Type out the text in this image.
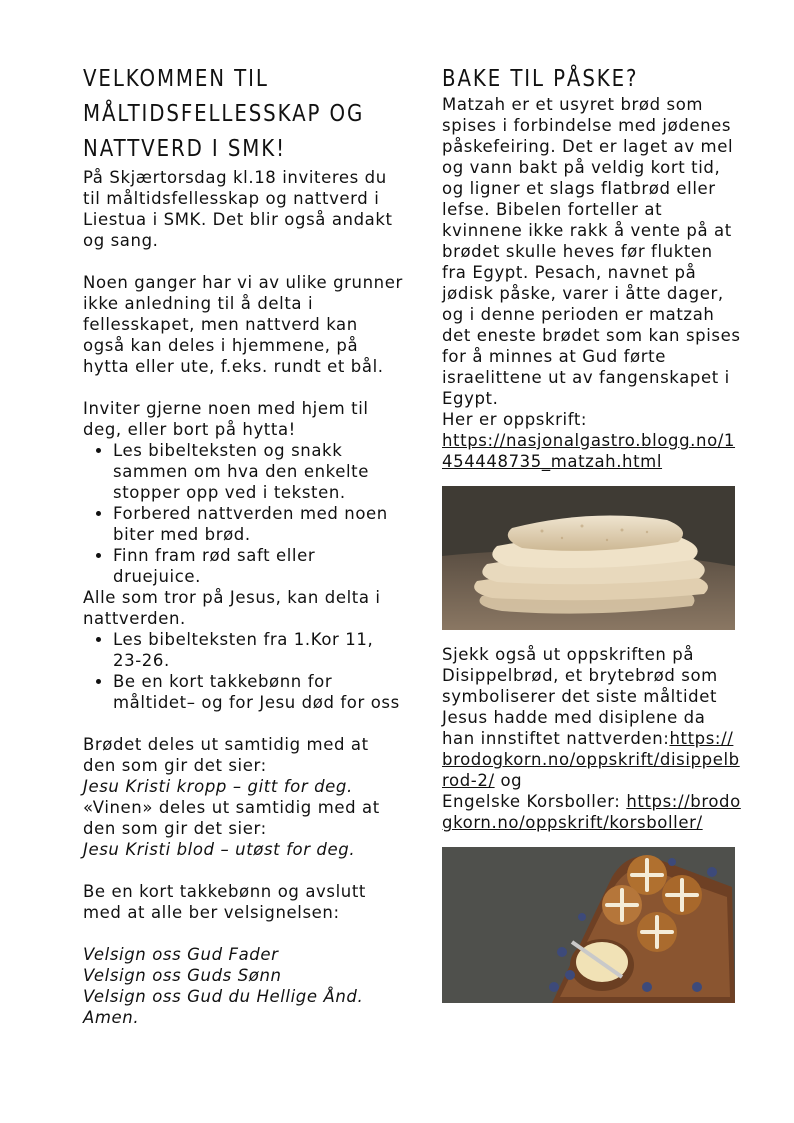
VELKOMMEN TIL MÅLTIDSFELLESSKAP OG NATTVERD I SMK!

På Skjærtorsdag kl.18 inviteres du til måltidsfellesskap og nattverd i Liestua i SMK. Det blir også andakt og sang.

Noen ganger har vi av ulike grunner ikke anledning til å delta i fellesskapet, men nattverd kan også kan deles i hjemmene, på hytta eller ute, f.eks. rundt et bål.

Inviter gjerne noen med hjem til deg, eller bort på hytta!

• Les bibelteksten og snakk sammen om hva den enkelte stopper opp ved i teksten.
• Forbered nattverden med noen biter med brød.
• Finn fram rød saft eller druejuice.

Alle som tror på Jesus, kan delta i nattverden.

• Les bibelteksten fra 1.Kor 11, 23-26.
• Be en kort takkebønn for måltidet– og for Jesu død for oss

Brødet deles ut samtidig med at den som gir det sier:

Jesu Kristi kropp – gitt for deg.

«Vinen» deles ut samtidig med at den som gir det sier:

Jesu Kristi blod – utøst for deg.

Be en kort takkebønn og avslutt med at alle ber velsignelsen:

Velsign oss Gud Fader

Velsign oss Guds Sønn

Velsign oss Gud du Hellige Ånd.

Amen.

BAKE TIL PÅSKE?

Matzah er et usyret brød som spises i forbindelse med jødenes påskefeiring. Det er laget av mel og vann bakt på veldig kort tid, og ligner et slags flatbrød eller lefse. Bibelen forteller at kvinnene ikke rakk å vente på at brødet skulle heves før flukten fra Egypt. Pesach, navnet på jødisk påske, varer i åtte dager, og i denne perioden er matzah det eneste brødet som kan spises for å minnes at Gud førte israelittene ut av fangenskapet i Egypt.

Her er oppskrift:

https://nasjonalgastro.blogg.no/1454448735_matzah.html

Sjekk også ut oppskriften på Disippelbrød, et brytebrød som symboliserer det siste måltidet Jesus hadde med disiplene da han innstiftet nattverden:https://brodogkorn.no/oppskrift/disippelbrod-2/ og

Engelske Korsboller: https://brodogkorn.no/oppskrift/korsboller/
